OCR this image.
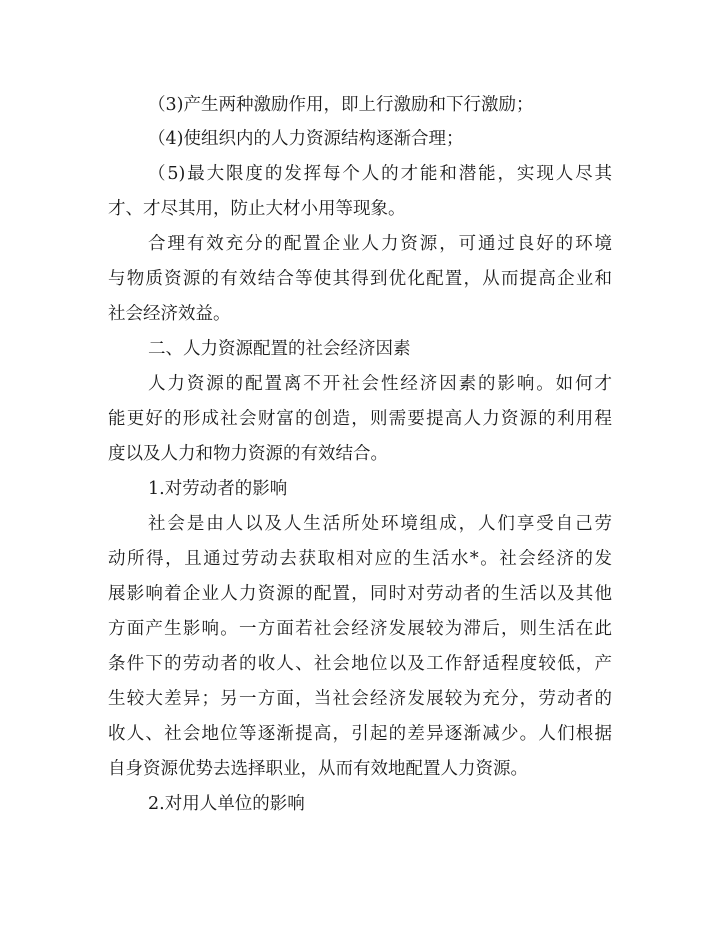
（3)产生两种激励作用，即上行激励和下行激励；
（4)使组织内的人力资源结构逐渐合理；
（5)最大限度的发挥每个人的才能和潜能，实现人尽其
才、才尽其用，防止大材小用等现象。
合理有效充分的配置企业人力资源，可通过良好的环境
与物质资源的有效结合等使其得到优化配置，从而提高企业和
社会经济效益。
二、人力资源配置的社会经济因素
人力资源的配置离不开社会性经济因素的影响。如何才
能更好的形成社会财富的创造，则需要提高人力资源的利用程
度以及人力和物力资源的有效结合。
1.对劳动者的影响
社会是由人以及人生活所处环境组成，人们享受自己劳
动所得，且通过劳动去获取相对应的生活水*。社会经济的发
展影响着企业人力资源的配置，同时对劳动者的生活以及其他
方面产生影响。一方面若社会经济发展较为滞后，则生活在此
条件下的劳动者的收人、社会地位以及工作舒适程度较低，产
生较大差异；另一方面，当社会经济发展较为充分，劳动者的
收人、社会地位等逐渐提高，引起的差异逐渐减少。人们根据
自身资源优势去选择职业，从而有效地配置人力资源。
2.对用人单位的影响
